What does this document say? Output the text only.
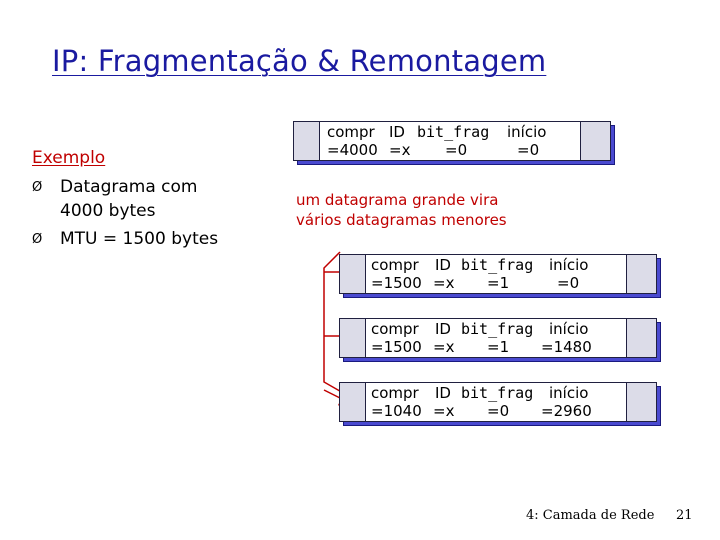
IP: Fragmentação & Remontagem
Exemplo
Ø Datagrama com
4000 bytes
Ø MTU = 1500 bytes
compr ID bit_frag início
=4000 =x =0	=0
um datagrama grande vira
vários datagramas menores
compr ID bit_frag início
=1500 =x =1	=0
compr ID bit_frag início
=1500 =x =1 =1480
compr ID bit_frag início
=1040 =x =0 =2960
4: Camada de Rede 21
